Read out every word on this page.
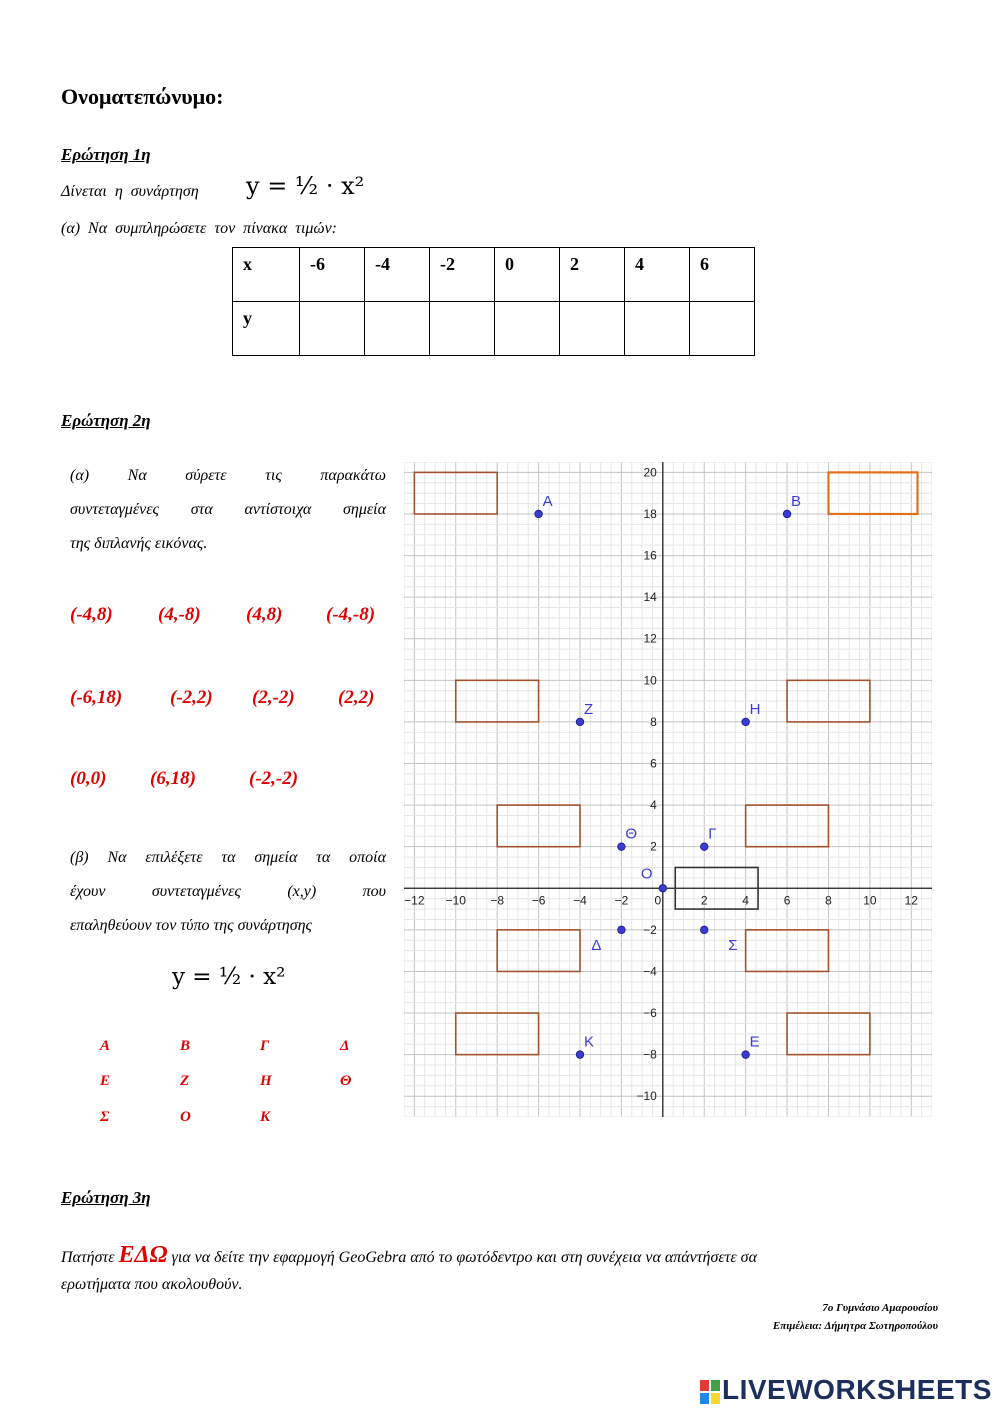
Ονοματεπώνυμο:
Ερώτηση 1η
Δίνεται η συνάρτηση y = ½ · x²
(α) Να συμπληρώσετε τον πίνακα τιμών:
x	-6	-4	-2	0	2	4	6
y							
Ερώτηση 2η
(α) Να σύρετε τις παρακάτω
συντεταγμένες στα αντίστοιχα σημεία
της διπλανής εικόνας.
(-4,8) (4,-8) (4,8) (-4,-8)
(-6,18)	(-2,2) (2,-2) (2,2)
(0,0) (6,18)	(-2,-2)
(β) Να επιλέξετε τα σημεία τα οποία
έχουν συντεταγμένες (x,y) που
επαληθεύουν τον τύπο της συνάρτησης
y = ½ · x²
Α	Β	Γ	Δ
Ε	Ζ	Η	Θ
Σ	Ο	Κ
−12 −10 −8 −6 −4 −2 0	2	4	6	8	10 12
−10
−8
−6
−4
−2
2
4
6
8
10
12
14
16
18
20
Α	Β
Ζ	Η
Θ	Γ
Ο
Δ	Σ
Κ	Ε
Ερώτηση 3η
Πατήστε ΕΔΩ για να δείτε την εφαρμογή GeoGebra από το φωτόδεντρο και στη συνέχεια να απάντήσετε σα
ερωτήματα που ακολουθούν.
7ο Γυμνάσιο Αμαρουσίου
Επιμέλεια: Δήμητρα Σωτηροπούλου
LIVEWORKSHEETS
